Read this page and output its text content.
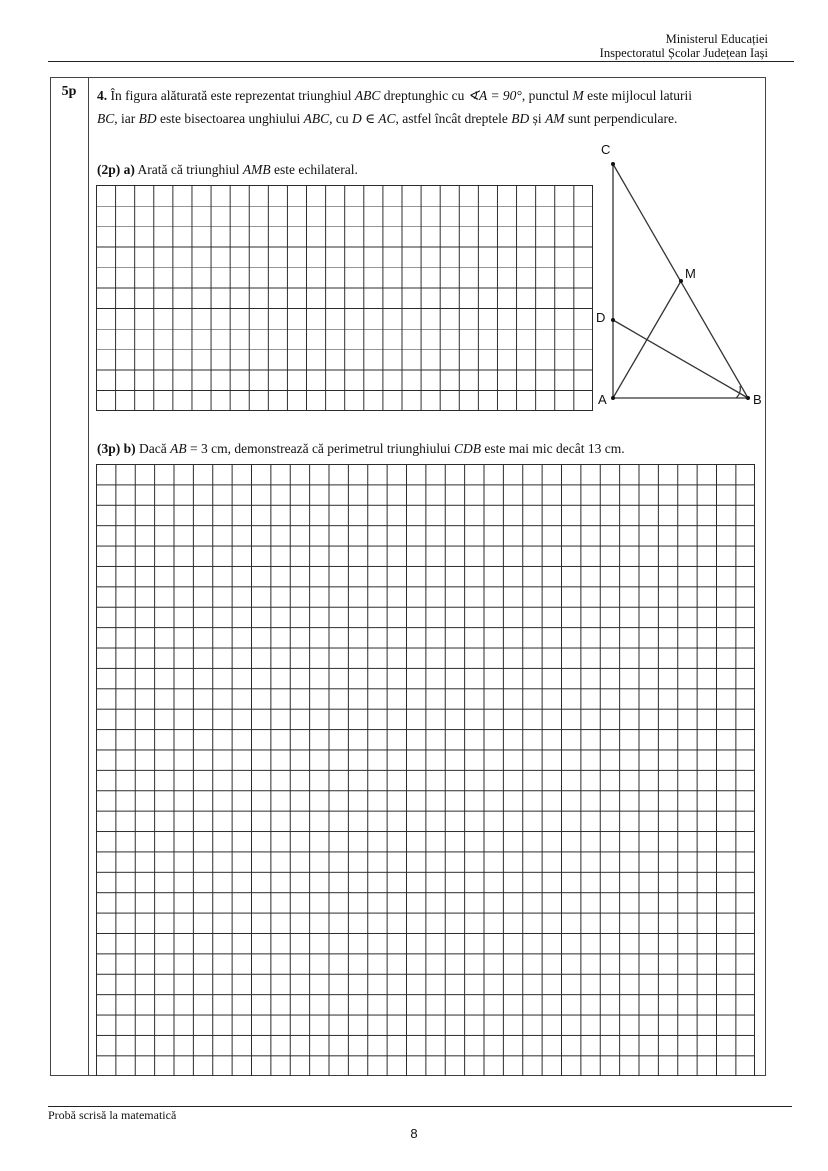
Ministerul Educației
Inspectoratul Școlar Județean Iași
5p	4. În figura alăturată este reprezentat triunghiul ABC dreptunghic cu ∢A = 90°, punctul M este mijlocul laturii
BC, iar BD este bisectoarea unghiului ABC, cu D ∈ AC, astfel încât dreptele BD și AM sunt perpendiculare.
(2p) a) Arată că triunghiul AMB este echilateral.
C
M
D
A	B
(3p) b) Dacă AB = 3 cm, demonstrează că perimetrul triunghiului CDB este mai mic decât 13 cm.
Probă scrisă la matematică
8
